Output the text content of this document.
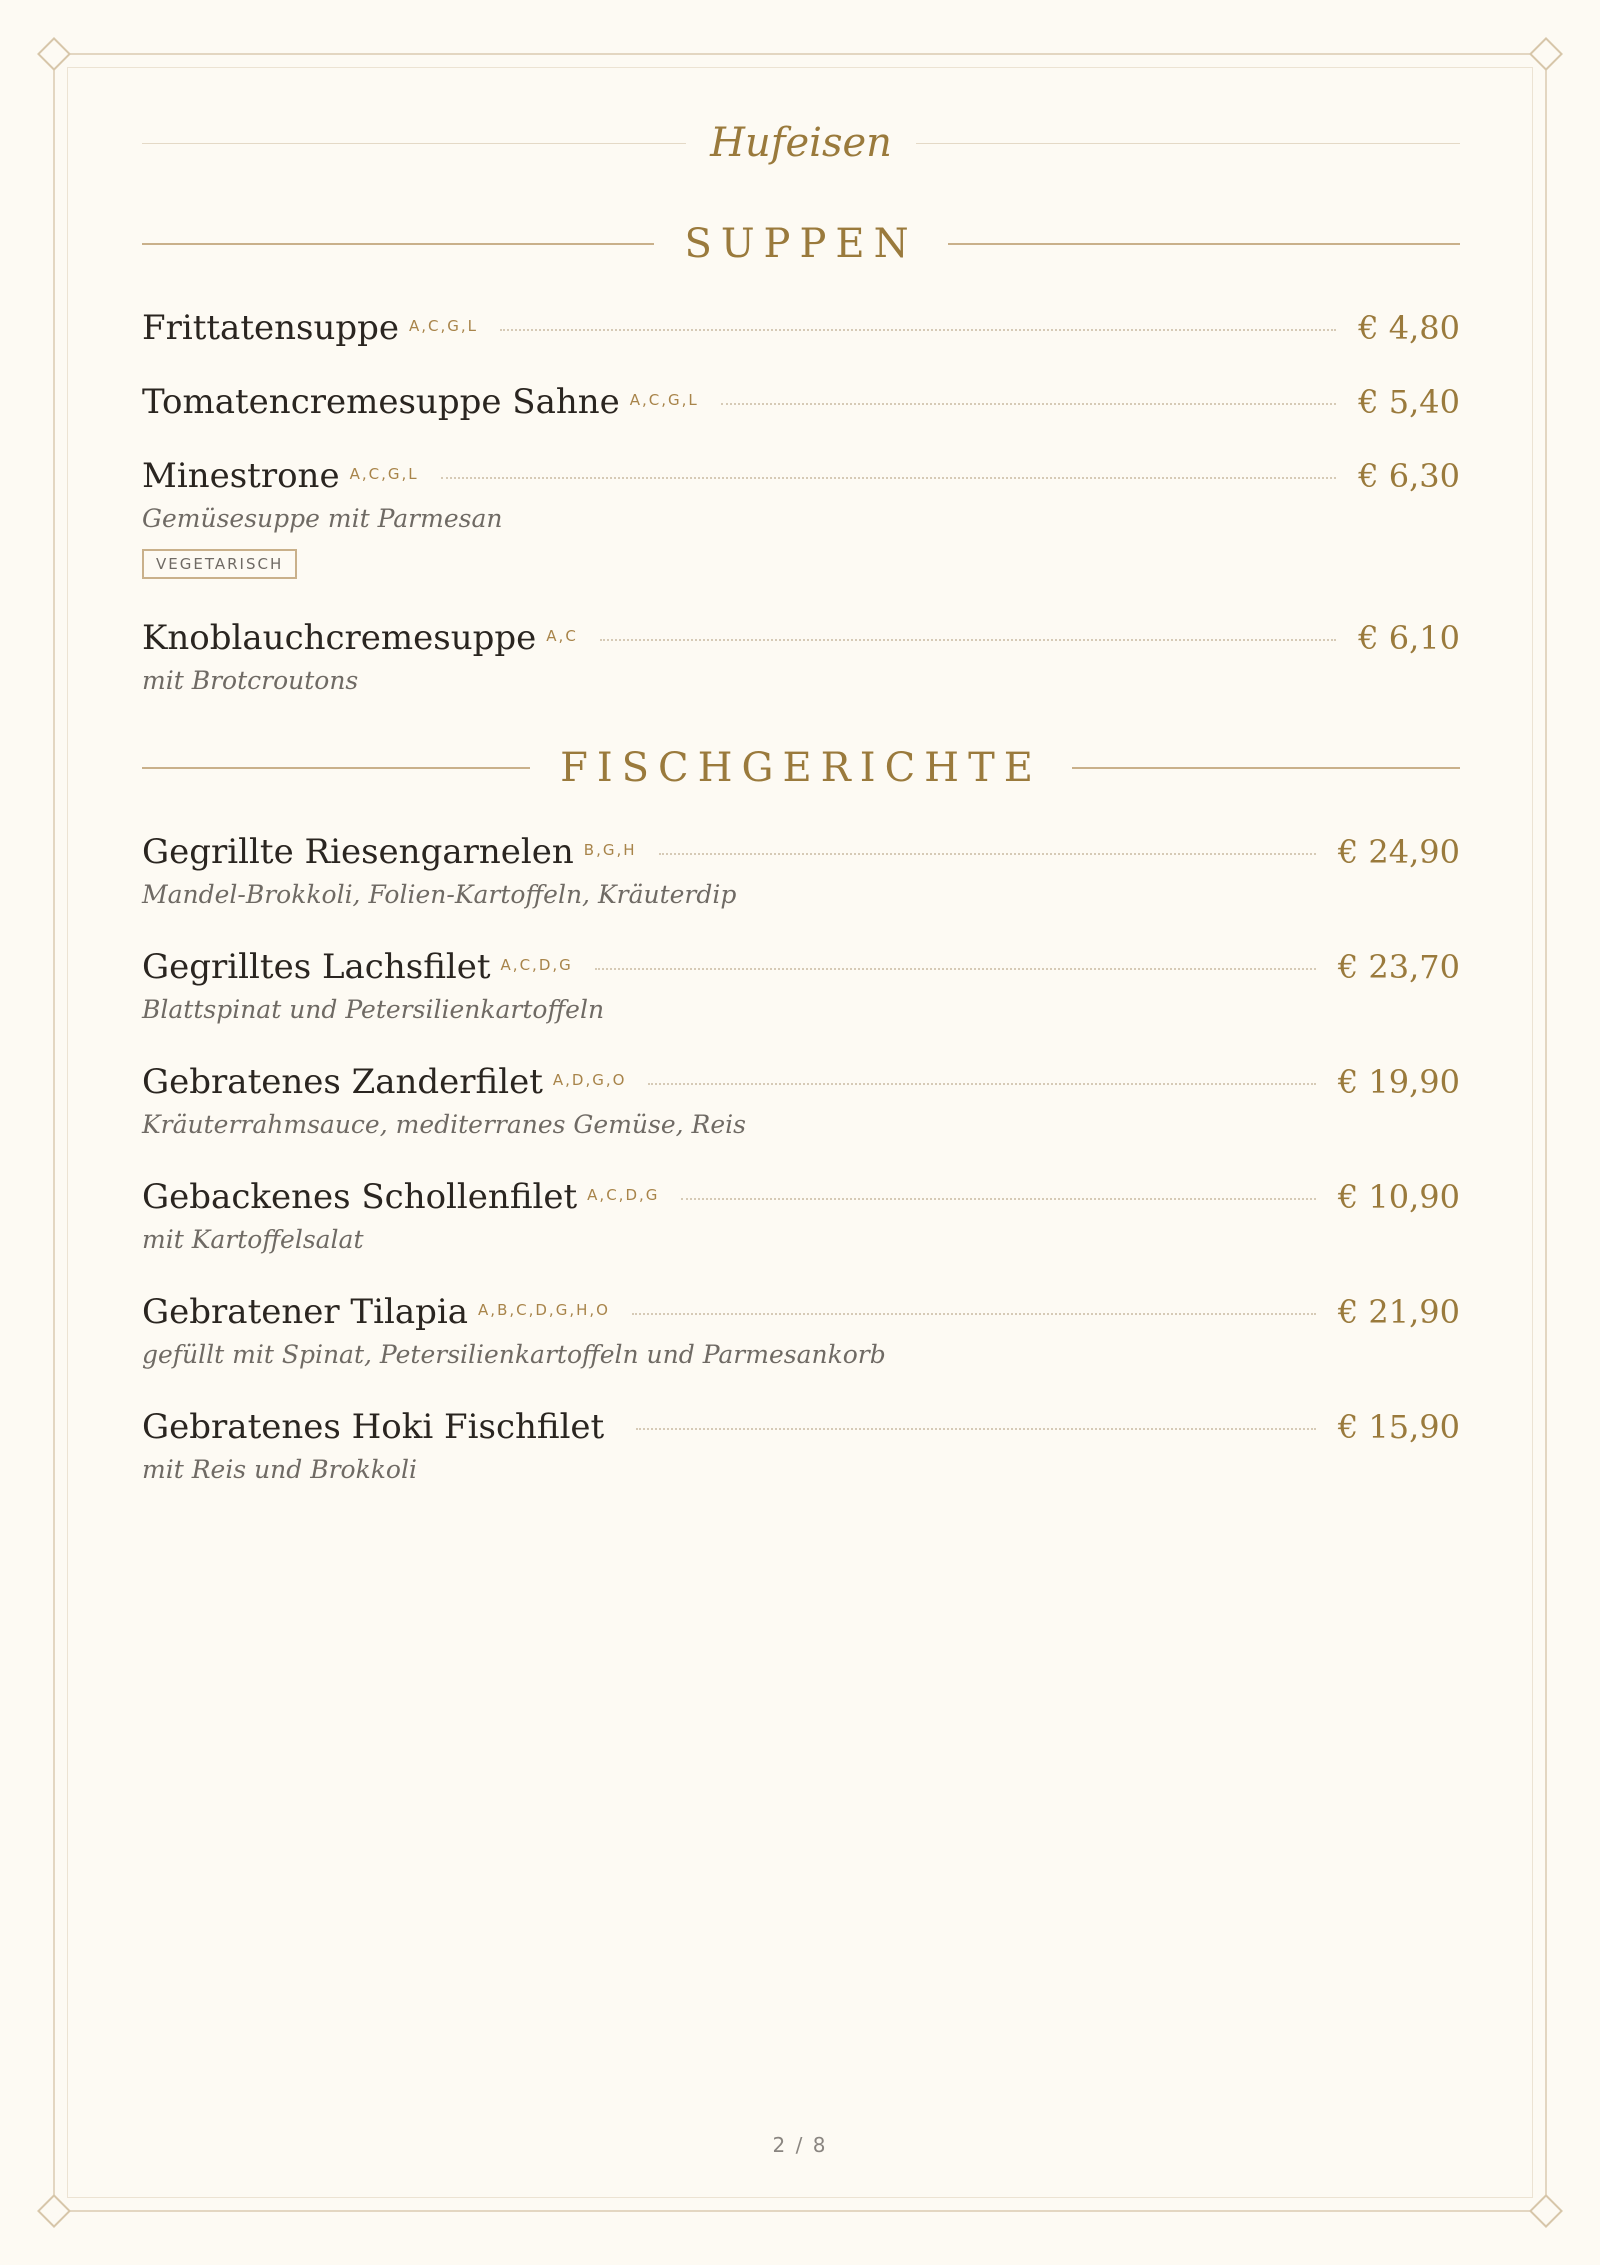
Hufeisen
SUPPEN
Frittatensuppe A,C,G,L	€ 4,80
Tomatencremesuppe Sahne A,C,G,L	€ 5,40
Minestrone A,C,G,L	€ 6,30
Gemüsesuppe mit Parmesan
VEGETARISCH
Knoblauchcremesuppe A,C	€ 6,10
mit Brotcroutons
FISCHGERICHTE
Gegrillte Riesengarnelen B,G,H	€ 24,90
Mandel-Brokkoli, Folien-Kartoffeln, Kräuterdip
Gegrilltes Lachsfilet A,C,D,G	€ 23,70
Blattspinat und Petersilienkartoffeln
Gebratenes Zanderfilet A,D,G,O	€ 19,90
Kräuterrahmsauce, mediterranes Gemüse, Reis
Gebackenes Schollenfilet A,C,D,G	€ 10,90
mit Kartoffelsalat
Gebratener Tilapia A,B,C,D,G,H,O	€ 21,90
gefüllt mit Spinat, Petersilienkartoffeln und Parmesankorb
Gebratenes Hoki Fischfilet	€ 15,90
mit Reis und Brokkoli
2 / 8
